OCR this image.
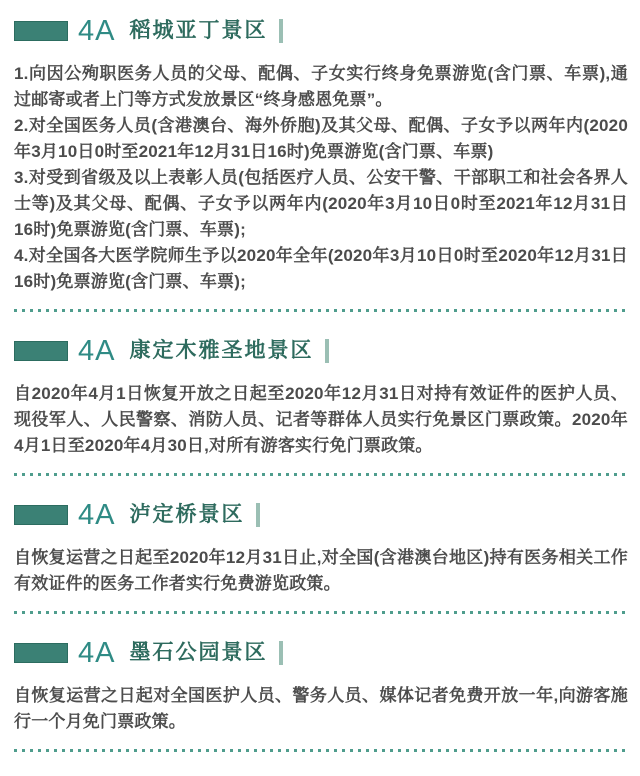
4A 稻城亚丁景区

1.向因公殉职医务人员的父母、配偶、子女实行终身免票游览(含门票、车票),通过邮寄或者上门等方式发放景区“终身感恩免票”。

2.对全国医务人员(含港澳台、海外侨胞)及其父母、配偶、子女予以两年内(2020年3月10日0时至2021年12月31日16时)免票游览(含门票、车票)

3.对受到省级及以上表彰人员(包括医疗人员、公安干警、干部职工和社会各界人士等)及其父母、配偶、子女予以两年内(2020年3月10日0时至2021年12月31日16时)免票游览(含门票、车票);

4.对全国各大医学院师生予以2020年全年(2020年3月10日0时至2020年12月31日16时)免票游览(含门票、车票);

4A 康定木雅圣地景区

自2020年4月1日恢复开放之日起至2020年12月31日对持有效证件的医护人员、现役军人、人民警察、消防人员、记者等群体人员实行免景区门票政策。2020年4月1日至2020年4月30日,对所有游客实行免门票政策。

4A 泸定桥景区

自恢复运营之日起至2020年12月31日止,对全国(含港澳台地区)持有医务相关工作有效证件的医务工作者实行免费游览政策。

4A 墨石公园景区

自恢复运营之日起对全国医护人员、警务人员、媒体记者免费开放一年,向游客施行一个月免门票政策。
